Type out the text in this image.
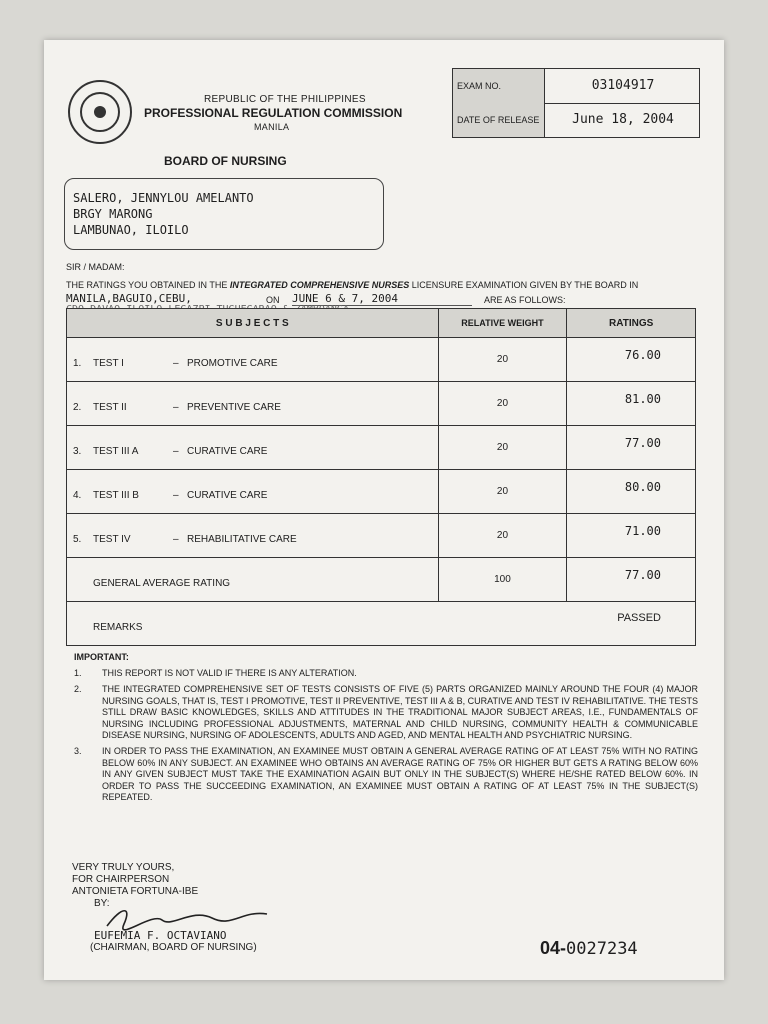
REPUBLIC OF THE PHILIPPINES
PROFESSIONAL REGULATION COMMISSION
MANILA
BOARD OF NURSING
EXAM NO.	03104917
DATE OF RELEASE	June 18, 2004
SALERO, JENNYLOU AMELANTO
BRGY MARONG
LAMBUNAO, ILOILO
SIR / MADAM:
THE RATINGS YOU OBTAINED IN THE INTEGRATED COMPREHENSIVE NURSES LICENSURE EXAMINATION GIVEN BY THE BOARD IN
MANILA,BAGUIO,CEBU,	ON JUNE 6 & 7, 2004	ARE AS FOLLOWS:
S U B J E C T S	RELATIVE WEIGHT	RATINGS

1. TEST I – PROMOTIVE CARE	20	76.00

2. TEST II – PREVENTIVE CARE	20	81.00

3. TEST III A – CURATIVE CARE	20	77.00

4. TEST III B – CURATIVE CARE	20	80.00

5. TEST IV – REHABILITATIVE CARE	20	71.00

GENERAL AVERAGE RATING	100	77.00

REMARKS		PASSED
IMPORTANT:
1. THIS REPORT IS NOT VALID IF THERE IS ANY ALTERATION.
2. THE INTEGRATED COMPREHENSIVE SET OF TESTS CONSISTS OF FIVE (5) PARTS ORGANIZED MAINLY AROUND THE FOUR (4) MAJOR NURSING GOALS, THAT IS, TEST I PROMOTIVE, TEST II PREVENTIVE, TEST III A & B, CURATIVE AND TEST IV REHABILITATIVE. THE TESTS STILL DRAW BASIC KNOWLEDGES, SKILLS AND ATTITUDES IN THE TRADITIONAL MAJOR SUBJECT AREAS, I.E., FUNDAMENTALS OF NURSING INCLUDING PROFESSIONAL ADJUSTMENTS, MATERNAL AND CHILD NURSING, COMMUNITY HEALTH & COMMUNICABLE DISEASE NURSING, NURSING OF ADOLESCENTS, ADULTS AND AGED, AND MENTAL HEALTH AND PSYCHIATRIC NURSING.
3. IN ORDER TO PASS THE EXAMINATION, AN EXAMINEE MUST OBTAIN A GENERAL AVERAGE RATING OF AT LEAST 75% WITH NO RATING BELOW 60% IN ANY SUBJECT. AN EXAMINEE WHO OBTAINS AN AVERAGE RATING OF 75% OR HIGHER BUT GETS A RATING BELOW 60% IN ANY GIVEN SUBJECT MUST TAKE THE EXAMINATION AGAIN BUT ONLY IN THE SUBJECT(S) WHERE HE/SHE RATED BELOW 60%. IN ORDER TO PASS THE SUCCEEDING EXAMINATION, AN EXAMINEE MUST OBTAIN A RATING OF AT LEAST 75% IN THE SUBJECT(S) REPEATED.
VERY TRULY YOURS,
FOR CHAIRPERSON
ANTONIETA FORTUNA-IBE
BY:
EUFEMIA F. OCTAVIANO
(CHAIRMAN, BOARD OF NURSING)	04-0027234
